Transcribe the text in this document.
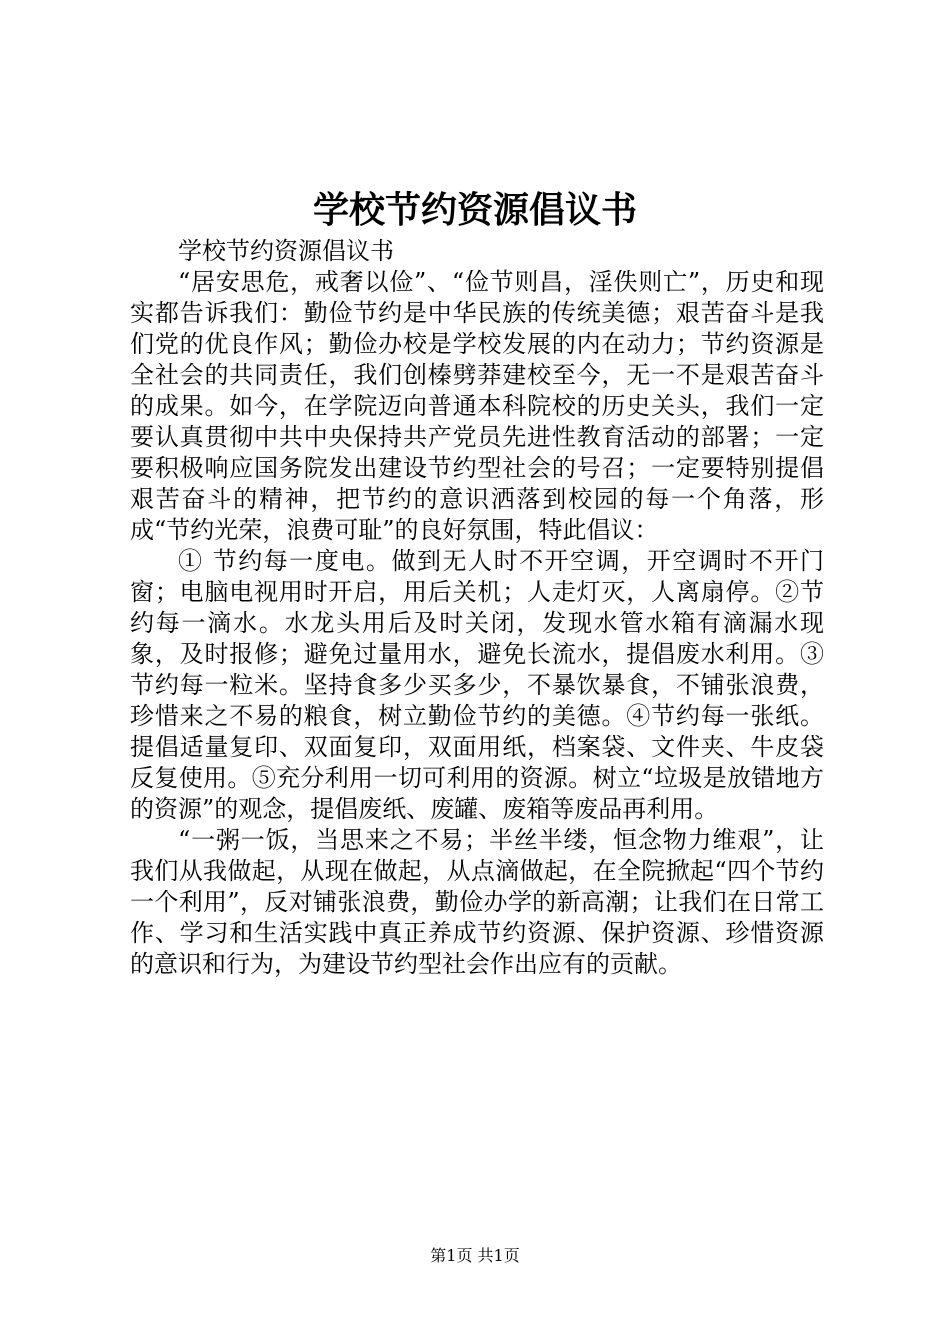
学校节约资源倡议书

学校节约资源倡议书

“居安思危，戒奢以俭”、“俭节则昌，淫佚则亡”，历史和现实都告诉我们：勤俭节约是中华民族的传统美德；艰苦奋斗是我们党的优良作风；勤俭办校是学校发展的内在动力；节约资源是全社会的共同责任，我们创榛劈莽建校至今，无一不是艰苦奋斗的成果。如今，在学院迈向普通本科院校的历史关头，我们一定要认真贯彻中共中央保持共产党员先进性教育活动的部署；一定要积极响应国务院发出建设节约型社会的号召；一定要特别提倡艰苦奋斗的精神，把节约的意识洒落到校园的每一个角落，形成“节约光荣，浪费可耻”的良好氛围，特此倡议：

① 节约每一度电。做到无人时不开空调，开空调时不开门窗；电脑电视用时开启，用后关机；人走灯灭，人离扇停。②节约每一滴水。水龙头用后及时关闭，发现水管水箱有滴漏水现象，及时报修；避免过量用水，避免长流水，提倡废水利用。③节约每一粒米。坚持食多少买多少，不暴饮暴食，不铺张浪费，珍惜来之不易的粮食，树立勤俭节约的美德。④节约每一张纸。提倡适量复印、双面复印，双面用纸，档案袋、文件夹、牛皮袋反复使用。⑤充分利用一切可利用的资源。树立“垃圾是放错地方的资源”的观念，提倡废纸、废罐、废箱等废品再利用。

“一粥一饭，当思来之不易；半丝半缕，恒念物力维艰”，让我们从我做起，从现在做起，从点滴做起，在全院掀起“四个节约一个利用”，反对铺张浪费，勤俭办学的新高潮；让我们在日常工作、学习和生活实践中真正养成节约资源、保护资源、珍惜资源的意识和行为，为建设节约型社会作出应有的贡献。

第1页 共1页
